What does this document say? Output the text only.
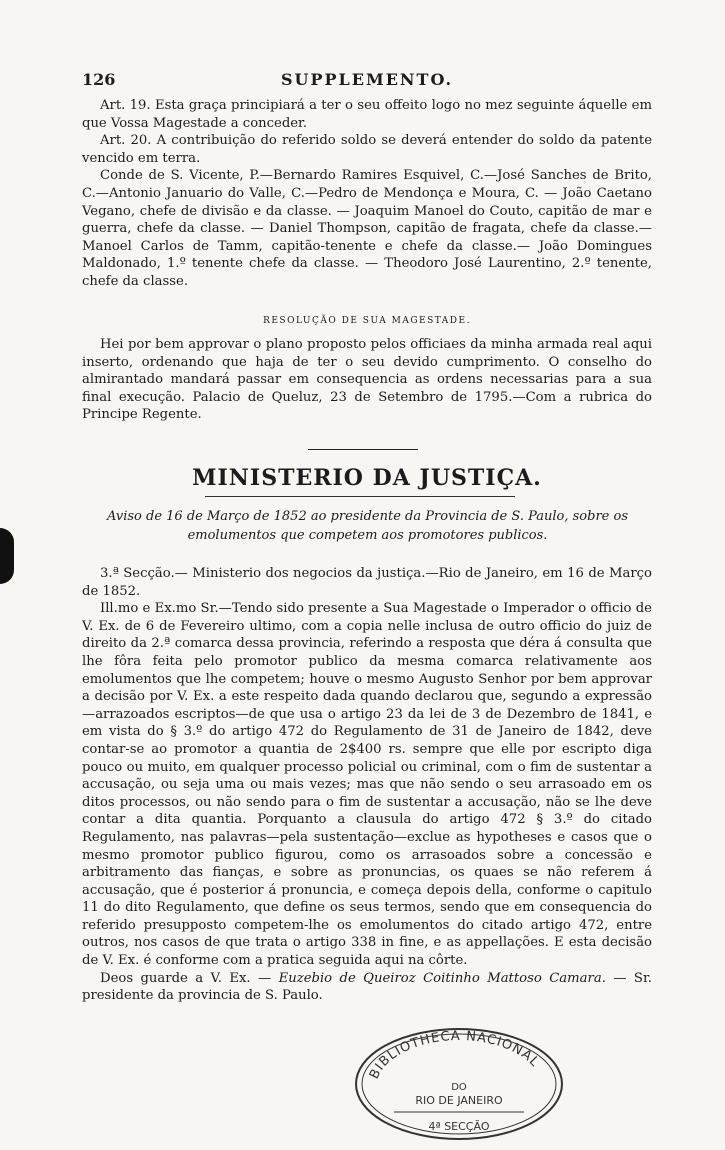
126	SUPPLEMENTO.

Art. 19. Esta graça principiará a ter o seu offeito logo no mez seguinte áquelle em que Vossa Magestade a conceder.

Art. 20. A contribuição do referido soldo se deverá entender do soldo da patente vencido em terra.

Conde de S. Vicente, P.—Bernardo Ramires Esquivel, C.—José Sanches de Brito, C.—Antonio Januario do Valle, C.—Pedro de Mendonça e Moura, C. — João Caetano Vegano, chefe de divisão e da classe. — Joaquim Manoel do Couto, capitão de mar e guerra, chefe da classe. — Daniel Thompson, capitão de fragata, chefe da classe.—Manoel Carlos de Tamm, capitão-tenente e chefe da classe.— João Domingues Maldonado, 1.º tenente chefe da classe. — Theodoro José Laurentino, 2.º tenente, chefe da classe.

RESOLUÇÃO DE SUA MAGESTADE.

Hei por bem approvar o plano proposto pelos officiaes da minha armada real aqui inserto, ordenando que haja de ter o seu devido cumprimento. O conselho do almirantado mandará passar em consequencia as ordens necessarias para a sua final execução. Palacio de Queluz, 23 de Setembro de 1795.—Com a rubrica do Principe Regente.

MINISTERIO DA JUSTIÇA.
Aviso de 16 de Março de 1852 ao presidente da Provincia de S. Paulo, sobre os emolumentos que competem aos promotores publicos.

3.ª Secção.— Ministerio dos negocios da justiça.—Rio de Janeiro, em 16 de Março de 1852.

Ill.mo e Ex.mo Sr.—Tendo sido presente a Sua Magestade o Imperador o officio de V. Ex. de 6 de Fevereiro ultimo, com a copia nelle inclusa de outro officio do juiz de direito da 2.ª comarca dessa provincia, referindo a resposta que déra á consulta que lhe fôra feita pelo promotor publico da mesma comarca relativamente aos emolumentos que lhe competem; houve o mesmo Augusto Senhor por bem approvar a decisão por V. Ex. a este respeito dada quando declarou que, segundo a expressão—arrazoados escriptos—de que usa o artigo 23 da lei de 3 de Dezembro de 1841, e em vista do § 3.º do artigo 472 do Regulamento de 31 de Janeiro de 1842, deve contar-se ao promotor a quantia de 2$400 rs. sempre que elle por escripto diga pouco ou muito, em qualquer processo policial ou criminal, com o fim de sustentar a accusação, ou seja uma ou mais vezes; mas que não sendo o seu arrasoado em os ditos processos, ou não sendo para o fim de sustentar a accusação, não se lhe deve contar a dita quantia. Porquanto a clausula do artigo 472 § 3.º do citado Regulamento, nas palavras—pela sustentação—exclue as hypotheses e casos que o mesmo promotor publico figurou, como os arrasoados sobre a concessão e arbitramento das fianças, e sobre as pronuncias, os quaes se não referem á accusação, que é posterior á pronuncia, e começa depois della, conforme o capitulo 11 do dito Regulamento, que define os seus termos, sendo que em consequencia do referido presupposto competem-lhe os emolumentos do citado artigo 472, entre outros, nos casos de que trata o artigo 338 in fine, e as appellações. E esta decisão de V. Ex. é conforme com a pratica seguida aqui na côrte.

Deos guarde a V. Ex. — Euzebio de Queiroz Coitinho Mattoso Camara. — Sr. presidente da provincia de S. Paulo.

BIBLIOTHECA NACIONAL
DO
RIO DE JANEIRO
4ª SECÇÃO
